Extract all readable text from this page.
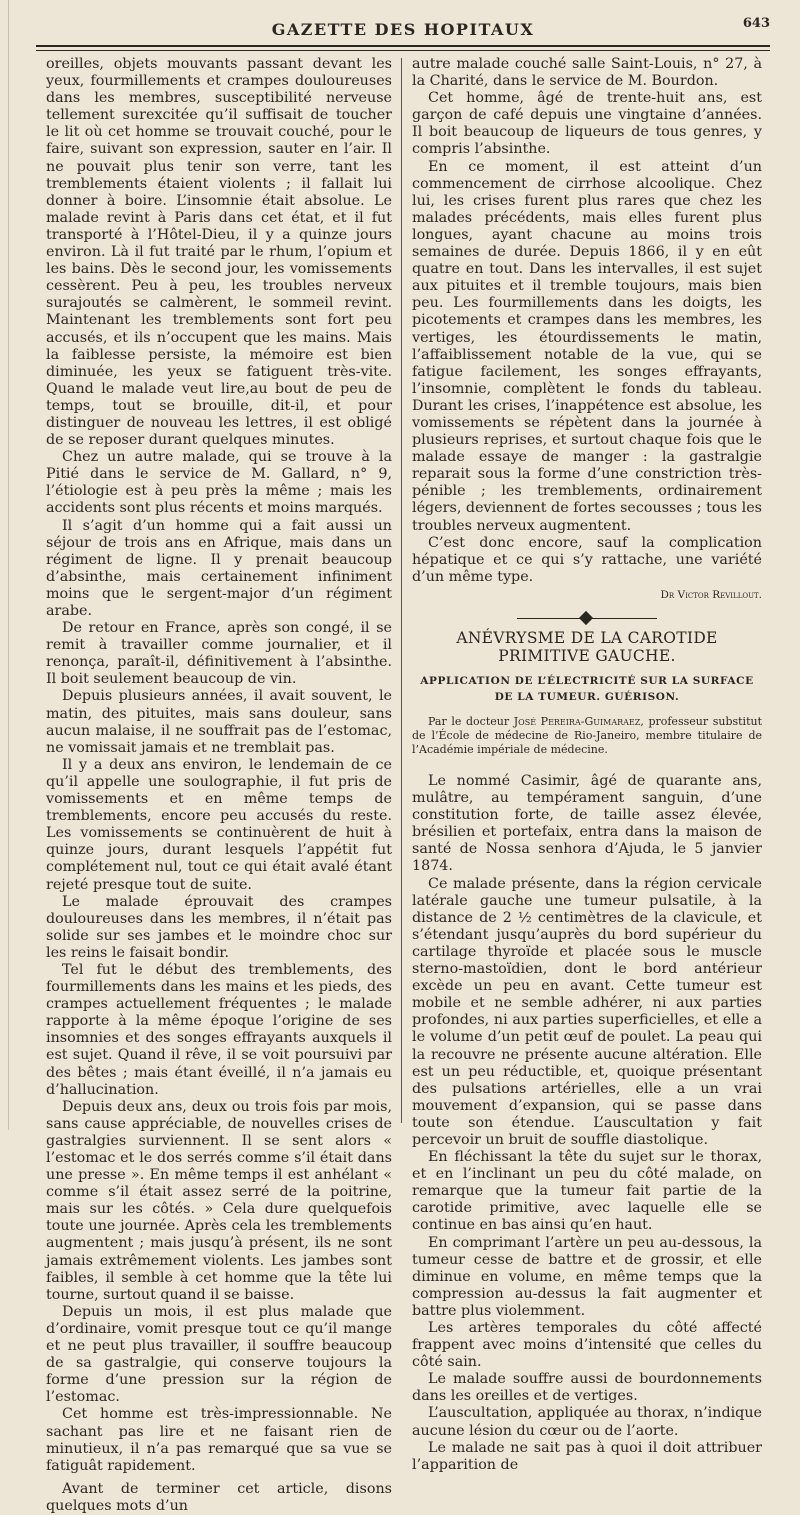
GAZETTE DES HOPITAUX	643

oreilles, objets mouvants passant devant les yeux, fourmillements et crampes douloureuses dans les membres, susceptibilité nerveuse tellement surexcitée qu’il suffisait de toucher le lit où cet homme se trouvait couché, pour le faire, suivant son expression, sauter en l’air. Il ne pouvait plus tenir son verre, tant les tremblements étaient violents ; il fallait lui donner à boire. L’insomnie était absolue. Le malade revint à Paris dans cet état, et il fut transporté à l’Hôtel-Dieu, il y a quinze jours environ. Là il fut traité par le rhum, l’opium et les bains. Dès le second jour, les vomissements cessèrent. Peu à peu, les troubles nerveux surajoutés se calmèrent, le sommeil revint. Maintenant les tremblements sont fort peu accusés, et ils n’occupent que les mains. Mais la faiblesse persiste, la mémoire est bien diminuée, les yeux se fatiguent très-vite. Quand le malade veut lire,au bout de peu de temps, tout se brouille, dit-il, et pour distinguer de nouveau les lettres, il est obligé de se reposer durant quelques minutes.

Chez un autre malade, qui se trouve à la Pitié dans le service de M. Gallard, n° 9, l’étiologie est à peu près la même ; mais les accidents sont plus récents et moins marqués.

Il s’agit d’un homme qui a fait aussi un séjour de trois ans en Afrique, mais dans un régiment de ligne. Il y prenait beaucoup d’absinthe, mais certainement infiniment moins que le sergent-major d’un régiment arabe.

De retour en France, après son congé, il se remit à travailler comme journalier, et il renonça, paraît-il, définitivement à l’absinthe. Il boit seulement beaucoup de vin.

Depuis plusieurs années, il avait souvent, le matin, des pituites, mais sans douleur, sans aucun malaise, il ne souffrait pas de l’estomac, ne vomissait jamais et ne tremblait pas.

Il y a deux ans environ, le lendemain de ce qu’il appelle une soulographie, il fut pris de vomissements et en même temps de tremblements, encore peu accusés du reste. Les vomissements se continuèrent de huit à quinze jours, durant lesquels l’appétit fut complétement nul, tout ce qui était avalé étant rejeté presque tout de suite.

Le malade éprouvait des crampes douloureuses dans les membres, il n’était pas solide sur ses jambes et le moindre choc sur les reins le faisait bondir.

Tel fut le début des tremblements, des fourmillements dans les mains et les pieds, des crampes actuellement fréquentes ; le malade rapporte à la même époque l’origine de ses insomnies et des songes effrayants auxquels il est sujet. Quand il rêve, il se voit poursuivi par des bêtes ; mais étant éveillé, il n’a jamais eu d’hallucination.

Depuis deux ans, deux ou trois fois par mois, sans cause appréciable, de nouvelles crises de gastralgies surviennent. Il se sent alors « l’estomac et le dos serrés comme s’il était dans une presse ». En même temps il est anhélant « comme s’il était assez serré de la poitrine, mais sur les côtés. » Cela dure quelquefois toute une journée. Après cela les tremblements augmentent ; mais jusqu’à présent, ils ne sont jamais extrêmement violents. Les jambes sont faibles, il semble à cet homme que la tête lui tourne, surtout quand il se baisse.

Depuis un mois, il est plus malade que d’ordinaire, vomit presque tout ce qu’il mange et ne peut plus travailler, il souffre beaucoup de sa gastralgie, qui conserve toujours la forme d’une pression sur la région de l’estomac.

Cet homme est très-impressionnable. Ne sachant pas lire et ne faisant rien de minutieux, il n’a pas remarqué que sa vue se fatiguât rapidement.

Avant de terminer cet article, disons quelques mots d’un

autre malade couché salle Saint-Louis, n° 27, à la Charité, dans le service de M. Bourdon.

Cet homme, âgé de trente-huit ans, est garçon de café depuis une vingtaine d’années. Il boit beaucoup de liqueurs de tous genres, y compris l’absinthe.

En ce moment, il est atteint d’un commencement de cirrhose alcoolique. Chez lui, les crises furent plus rares que chez les malades précédents, mais elles furent plus longues, ayant chacune au moins trois semaines de durée. Depuis 1866, il y en eût quatre en tout. Dans les intervalles, il est sujet aux pituites et il tremble toujours, mais bien peu. Les fourmillements dans les doigts, les picotements et crampes dans les membres, les vertiges, les étourdissements le matin, l’affaiblissement notable de la vue, qui se fatigue facilement, les songes effrayants, l’insomnie, complètent le fonds du tableau. Durant les crises, l’inappétence est absolue, les vomissements se répètent dans la journée à plusieurs reprises, et surtout chaque fois que le malade essaye de manger : la gastralgie reparait sous la forme d’une constriction très-pénible ; les tremblements, ordinairement légers, deviennent de fortes secousses ; tous les troubles nerveux augmentent.

C’est donc encore, sauf la complication hépatique et ce qui s’y rattache, une variété d’un même type.

Dr Victor Revillout.
ANÉVRYSME DE LA CAROTIDE PRIMITIVE GAUCHE.
APPLICATION DE L’ÉLECTRICITÉ SUR LA SURFACE DE LA TUMEUR. GUÉRISON.
Par le docteur José Pereira-Guimaraez, professeur substitut de l’École de médecine de Rio-Janeiro, membre titulaire de l’Académie impériale de médecine.

Le nommé Casimir, âgé de quarante ans, mulâtre, au tempérament sanguin, d’une constitution forte, de taille assez élevée, brésilien et portefaix, entra dans la maison de santé de Nossa senhora d’Ajuda, le 5 janvier 1874.

Ce malade présente, dans la région cervicale latérale gauche une tumeur pulsatile, à la distance de 2 ½ centimètres de la clavicule, et s’étendant jusqu’auprès du bord supérieur du cartilage thyroïde et placée sous le muscle sterno-mastoïdien, dont le bord antérieur excède un peu en avant. Cette tumeur est mobile et ne semble adhérer, ni aux parties profondes, ni aux parties superficielles, et elle a le volume d’un petit œuf de poulet. La peau qui la recouvre ne présente aucune altération. Elle est un peu réductible, et, quoique présentant des pulsations artérielles, elle a un vrai mouvement d’expansion, qui se passe dans toute son étendue. L’auscultation y fait percevoir un bruit de souffle diastolique.

En fléchissant la tête du sujet sur le thorax, et en l’inclinant un peu du côté malade, on remarque que la tumeur fait partie de la carotide primitive, avec laquelle elle se continue en bas ainsi qu’en haut.

En comprimant l’artère un peu au-dessous, la tumeur cesse de battre et de grossir, et elle diminue en volume, en même temps que la compression au-dessus la fait augmenter et battre plus violemment.

Les artères temporales du côté affecté frappent avec moins d’intensité que celles du côté sain.

Le malade souffre aussi de bourdonnements dans les oreilles et de vertiges.

L’auscultation, appliquée au thorax, n’indique aucune lésion du cœur ou de l’aorte.

Le malade ne sait pas à quoi il doit attribuer l’apparition de
